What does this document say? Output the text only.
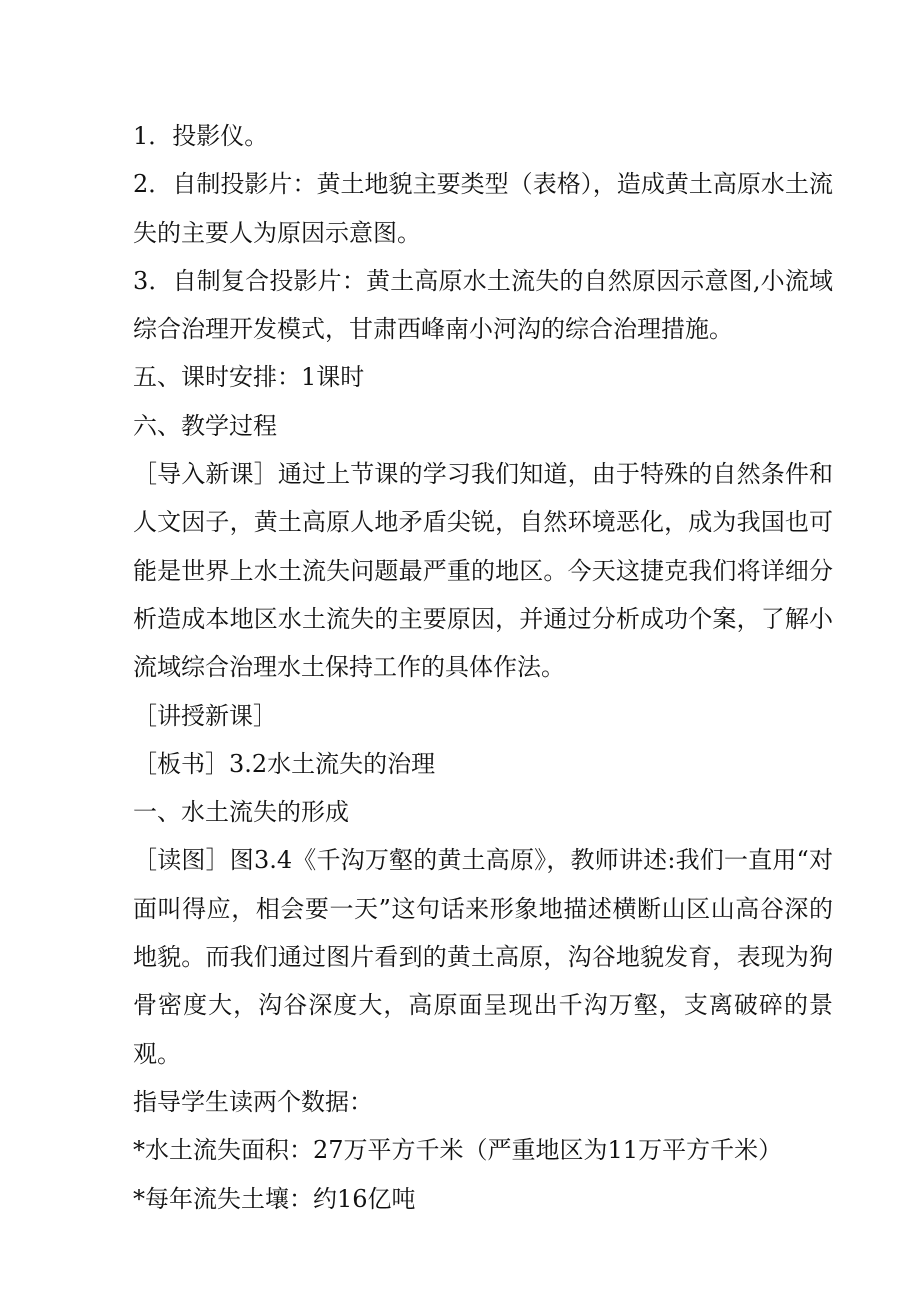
1．投影仪。

2．自制投影片：黄土地貌主要类型（表格），造成黄土高原水土流失的主要人为原因示意图。

3．自制复合投影片：黄土高原水土流失的自然原因示意图,小流域综合治理开发模式，甘肃西峰南小河沟的综合治理措施。

五、课时安排：1课时

六、教学过程

［导入新课］通过上节课的学习我们知道，由于特殊的自然条件和人文因子，黄土高原人地矛盾尖锐，自然环境恶化，成为我国也可能是世界上水土流失问题最严重的地区。今天这捷克我们将详细分析造成本地区水土流失的主要原因，并通过分析成功个案，了解小流域综合治理水土保持工作的具体作法。

［讲授新课］

［板书］3.2水土流失的治理

一、水土流失的形成

［读图］图3.4《千沟万壑的黄土高原》，教师讲述:我们一直用“对面叫得应，相会要一天”这句话来形象地描述横断山区山高谷深的地貌。而我们通过图片看到的黄土高原，沟谷地貌发育，表现为狗骨密度大，沟谷深度大，高原面呈现出千沟万壑，支离破碎的景观。

指导学生读两个数据：

*水土流失面积：27万平方千米（严重地区为11万平方千米）

*每年流失土壤：约16亿吨
